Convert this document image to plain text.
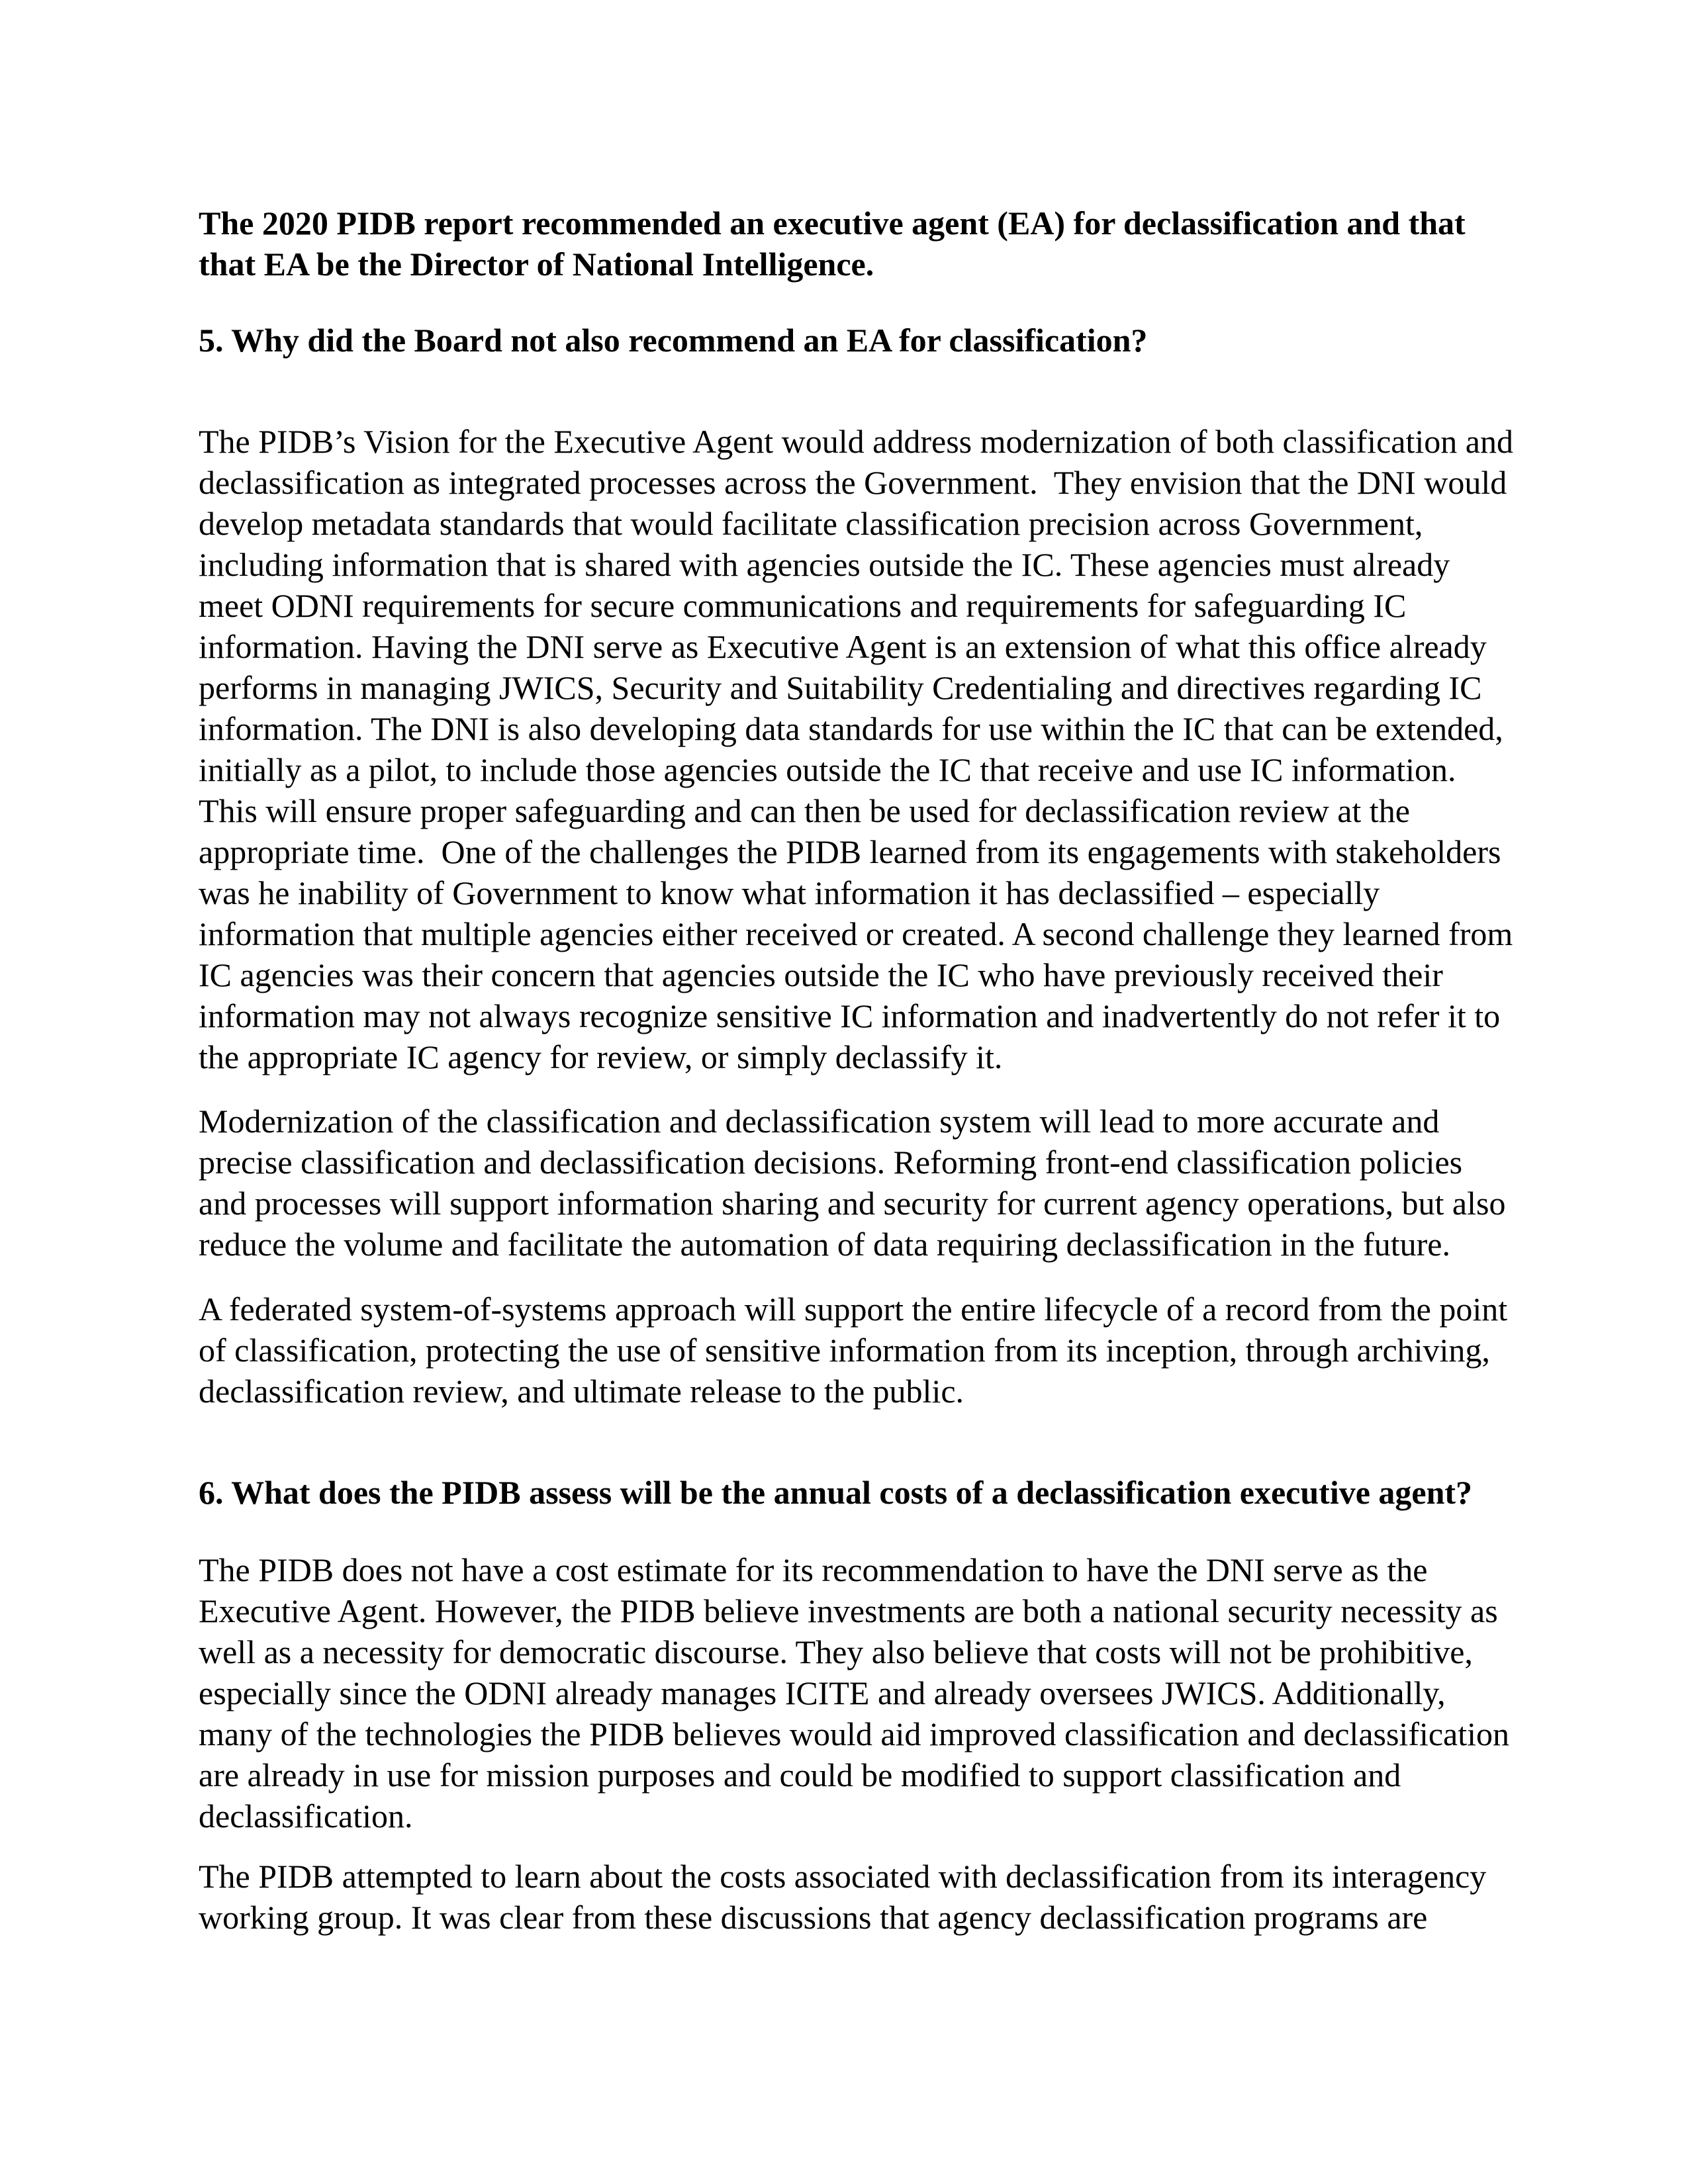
The 2020 PIDB report recommended an executive agent (EA) for declassification and that that EA be the Director of National Intelligence.

5. Why did the Board not also recommend an EA for classification?

The PIDB’s Vision for the Executive Agent would address modernization of both classification and declassification as integrated processes across the Government.  They envision that the DNI would develop metadata standards that would facilitate classification precision across Government, including information that is shared with agencies outside the IC. These agencies must already meet ODNI requirements for secure communications and requirements for safeguarding IC information. Having the DNI serve as Executive Agent is an extension of what this office already performs in managing JWICS, Security and Suitability Credentialing and directives regarding IC information. The DNI is also developing data standards for use within the IC that can be extended, initially as a pilot, to include those agencies outside the IC that receive and use IC information. This will ensure proper safeguarding and can then be used for declassification review at the appropriate time.  One of the challenges the PIDB learned from its engagements with stakeholders was he inability of Government to know what information it has declassified – especially information that multiple agencies either received or created. A second challenge they learned from IC agencies was their concern that agencies outside the IC who have previously received their information may not always recognize sensitive IC information and inadvertently do not refer it to the appropriate IC agency for review, or simply declassify it.

Modernization of the classification and declassification system will lead to more accurate and precise classification and declassification decisions. Reforming front-end classification policies and processes will support information sharing and security for current agency operations, but also reduce the volume and facilitate the automation of data requiring declassification in the future.

A federated system-of-systems approach will support the entire lifecycle of a record from the point of classification, protecting the use of sensitive information from its inception, through archiving, declassification review, and ultimate release to the public.

6. What does the PIDB assess will be the annual costs of a declassification executive agent?

The PIDB does not have a cost estimate for its recommendation to have the DNI serve as the Executive Agent. However, the PIDB believe investments are both a national security necessity as well as a necessity for democratic discourse. They also believe that costs will not be prohibitive, especially since the ODNI already manages ICITE and already oversees JWICS. Additionally, many of the technologies the PIDB believes would aid improved classification and declassification are already in use for mission purposes and could be modified to support classification and declassification.

The PIDB attempted to learn about the costs associated with declassification from its interagency working group. It was clear from these discussions that agency declassification programs are
